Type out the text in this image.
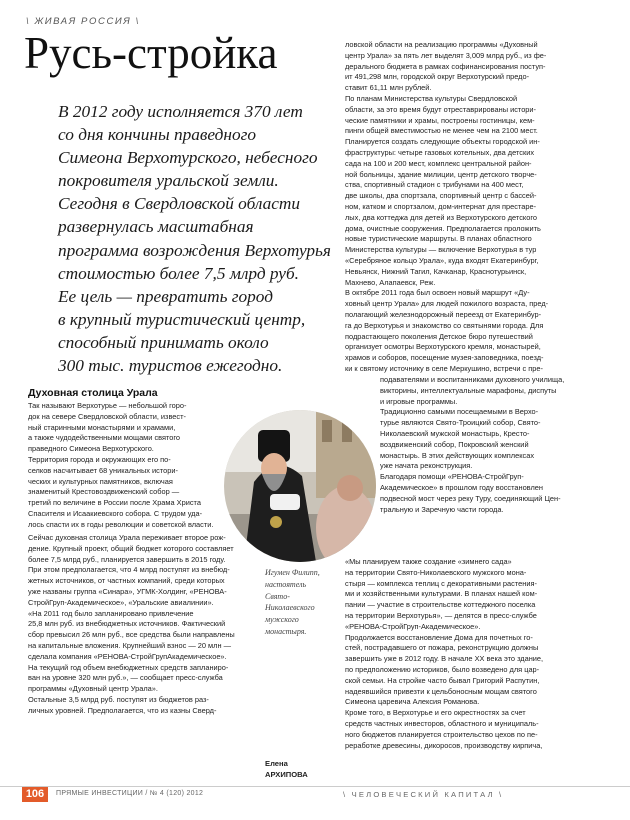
\ ЖИВАЯ РОССИЯ \
Русь-стройка
В 2012 году исполняется 370 лет
со дня кончины праведного
Симеона Верхотурского, небесного
покровителя уральской земли.
Сегодня в Свердловской области
развернулась масштабная
программа возрождения Верхотурья
стоимостью более 7,5 млрд руб.
Ее цель — превратить город
в крупный туристический центр,
способный принимать около
300 тыс. туристов ежегодно.
Духовная столица Урала
Так называют Верхотурье — небольшой горо-
док на севере Свердловской области, извест-
ный старинными монастырями и храмами,
а также чудодейственными мощами святого
праведного Симеона Верхотурского.
Территория города и окружающих его по-
селков насчитывает 68 уникальных истори-
ческих и культурных памятников, включая
знаменитый Крестовоздвиженский собор —
третий по величине в России после Храма Христа
Спасителя и Исаакиевского собора. С трудом уда-
лось спасти их в годы революции и советской власти.
Сейчас духовная столица Урала переживает второе рож-
дение. Крупный проект, общий бюджет которого составляет
более 7,5 млрд руб., планируется завершить в 2015 году.
При этом предполагается, что 4 млрд поступят из внебюд-
жетных источников, от частных компаний, среди которых
уже названы группа «Синара», УГМК-Холдинг, «РЕНОВА-
СтройГруп-Академическое», «Уральские авиалинии».
«На 2011 год было запланировано привлечение
25,8 млн руб. из внебюджетных источников. Фактический
сбор превысил 26 млн руб., все средства были направлены
на капитальные вложения. Крупнейший взнос — 20 млн —
сделала компания «РЕНОВА-СтройГрупАкадемическое».
На текущий год объем внебюджетных средств запланиро-
ван на уровне 320 млн руб.», — сообщает пресс-служба
программы «Духовный центр Урала».
Остальные 3,5 млрд руб. поступят из бюджетов раз-
личных уровней. Предполагается, что из казны Сверд-
Игумен Филипп,
настоятель
Свято-
Николаевского
мужского
монастыря.
Елена
АРХИПОВА
ловской области на реализацию программы «Духовный
центр Урала» за пять лет выделят 3,009 млрд руб., из фе-
дерального бюджета в рамках софинансирования поступ-
ит 491,298 млн, городской округ Верхотурский предо-
ставит 61,11 млн рублей.
По планам Министерства культуры Свердловской
области, за это время будут отреставрированы истори-
ческие памятники и храмы, построены гостиницы, кем-
пинги общей вместимостью не менее чем на 2100 мест.
Планируется создать следующие объекты городской ин-
фраструктуры: четыре газовых котельных, два детских
сада на 100 и 200 мест, комплекс центральной район-
ной больницы, здание милиции, центр детского творче-
ства, спортивный стадион с трибунами на 400 мест,
две школы, два спортзала, спортивный центр с бассей-
ном, катком и спортзалом, дом-интернат для престаре-
лых, два коттеджа для детей из Верхотурского детского
дома, очистные сооружения. Предполагается проложить
новые туристические маршруты. В планах областного
Министерства культуры — включение Верхотурья в тур
«Серебряное кольцо Урала», куда входят Екатеринбург,
Невьянск, Нижний Тагил, Качканар, Краснотурьинск,
Махнево, Алапаевск, Реж.
В октябре 2011 года был освоен новый маршрут «Ду-
ховный центр Урала» для людей пожилого возраста, пред-
полагающий железнодорожный переезд от Екатеринбур-
га до Верхотурья и знакомство со святынями города. Для
подрастающего поколения Детское бюро путешествий
организует осмотры Верхотурского кремля, монастырей,
храмов и соборов, посещение музея-заповедника, поезд-
ки к святому источнику в селе Меркушино, встречи с пре-
подавателями и воспитанниками духовного училища,
викторины, интеллектуальные марафоны, диспуты
и игровые программы.
Традиционно самыми посещаемыми в Верхо-
турье являются Свято-Троицкий собор, Свято-
Николаевский мужской монастырь, Кресто-
воздвиженский собор, Покровский женский
монастырь. В этих действующих комплексах
уже начата реконструкция.
Благодаря помощи «РЕНОВА-СтройГруп-
Академическое» в прошлом году восстановлен
подвесной мост через реку Туру, соединяющий Цен-
тральную и Заречную части города.
«Мы планируем также создание «зимнего сада»
на территории Свято-Николаевского мужского мона-
стыря — комплекса теплиц с декоративными растения-
ми и хозяйственными культурами. В планах нашей ком-
пании — участие в строительстве коттеджного поселка
на территории Верхотурья», — делятся в пресс-службе
«РЕНОВА-СтройГруп-Академическое».
Продолжается восстановление Дома для почетных го-
стей, пострадавшего от пожара, реконструкцию должны
завершить уже в 2012 году. В начале XX века это здание,
по предположению историков, было возведено для цар-
ской семьи. На стройке часто бывал Григорий Распутин,
надеявшийся привезти к цельбоносным мощам святого
Симеона царевича Алексия Романова.
Кроме того, в Верхотурье и его окрестностях за счет
средств частных инвесторов, областного и муниципаль-
ного бюджетов планируется строительство цехов по пе-
реработке древесины, дикоросов, производству кирпича,
106	ПРЯМЫЕ ИНВЕСТИЦИИ / № 4 (120) 2012	\ ЧЕЛОВЕЧЕСКИЙ КАПИТАЛ \
